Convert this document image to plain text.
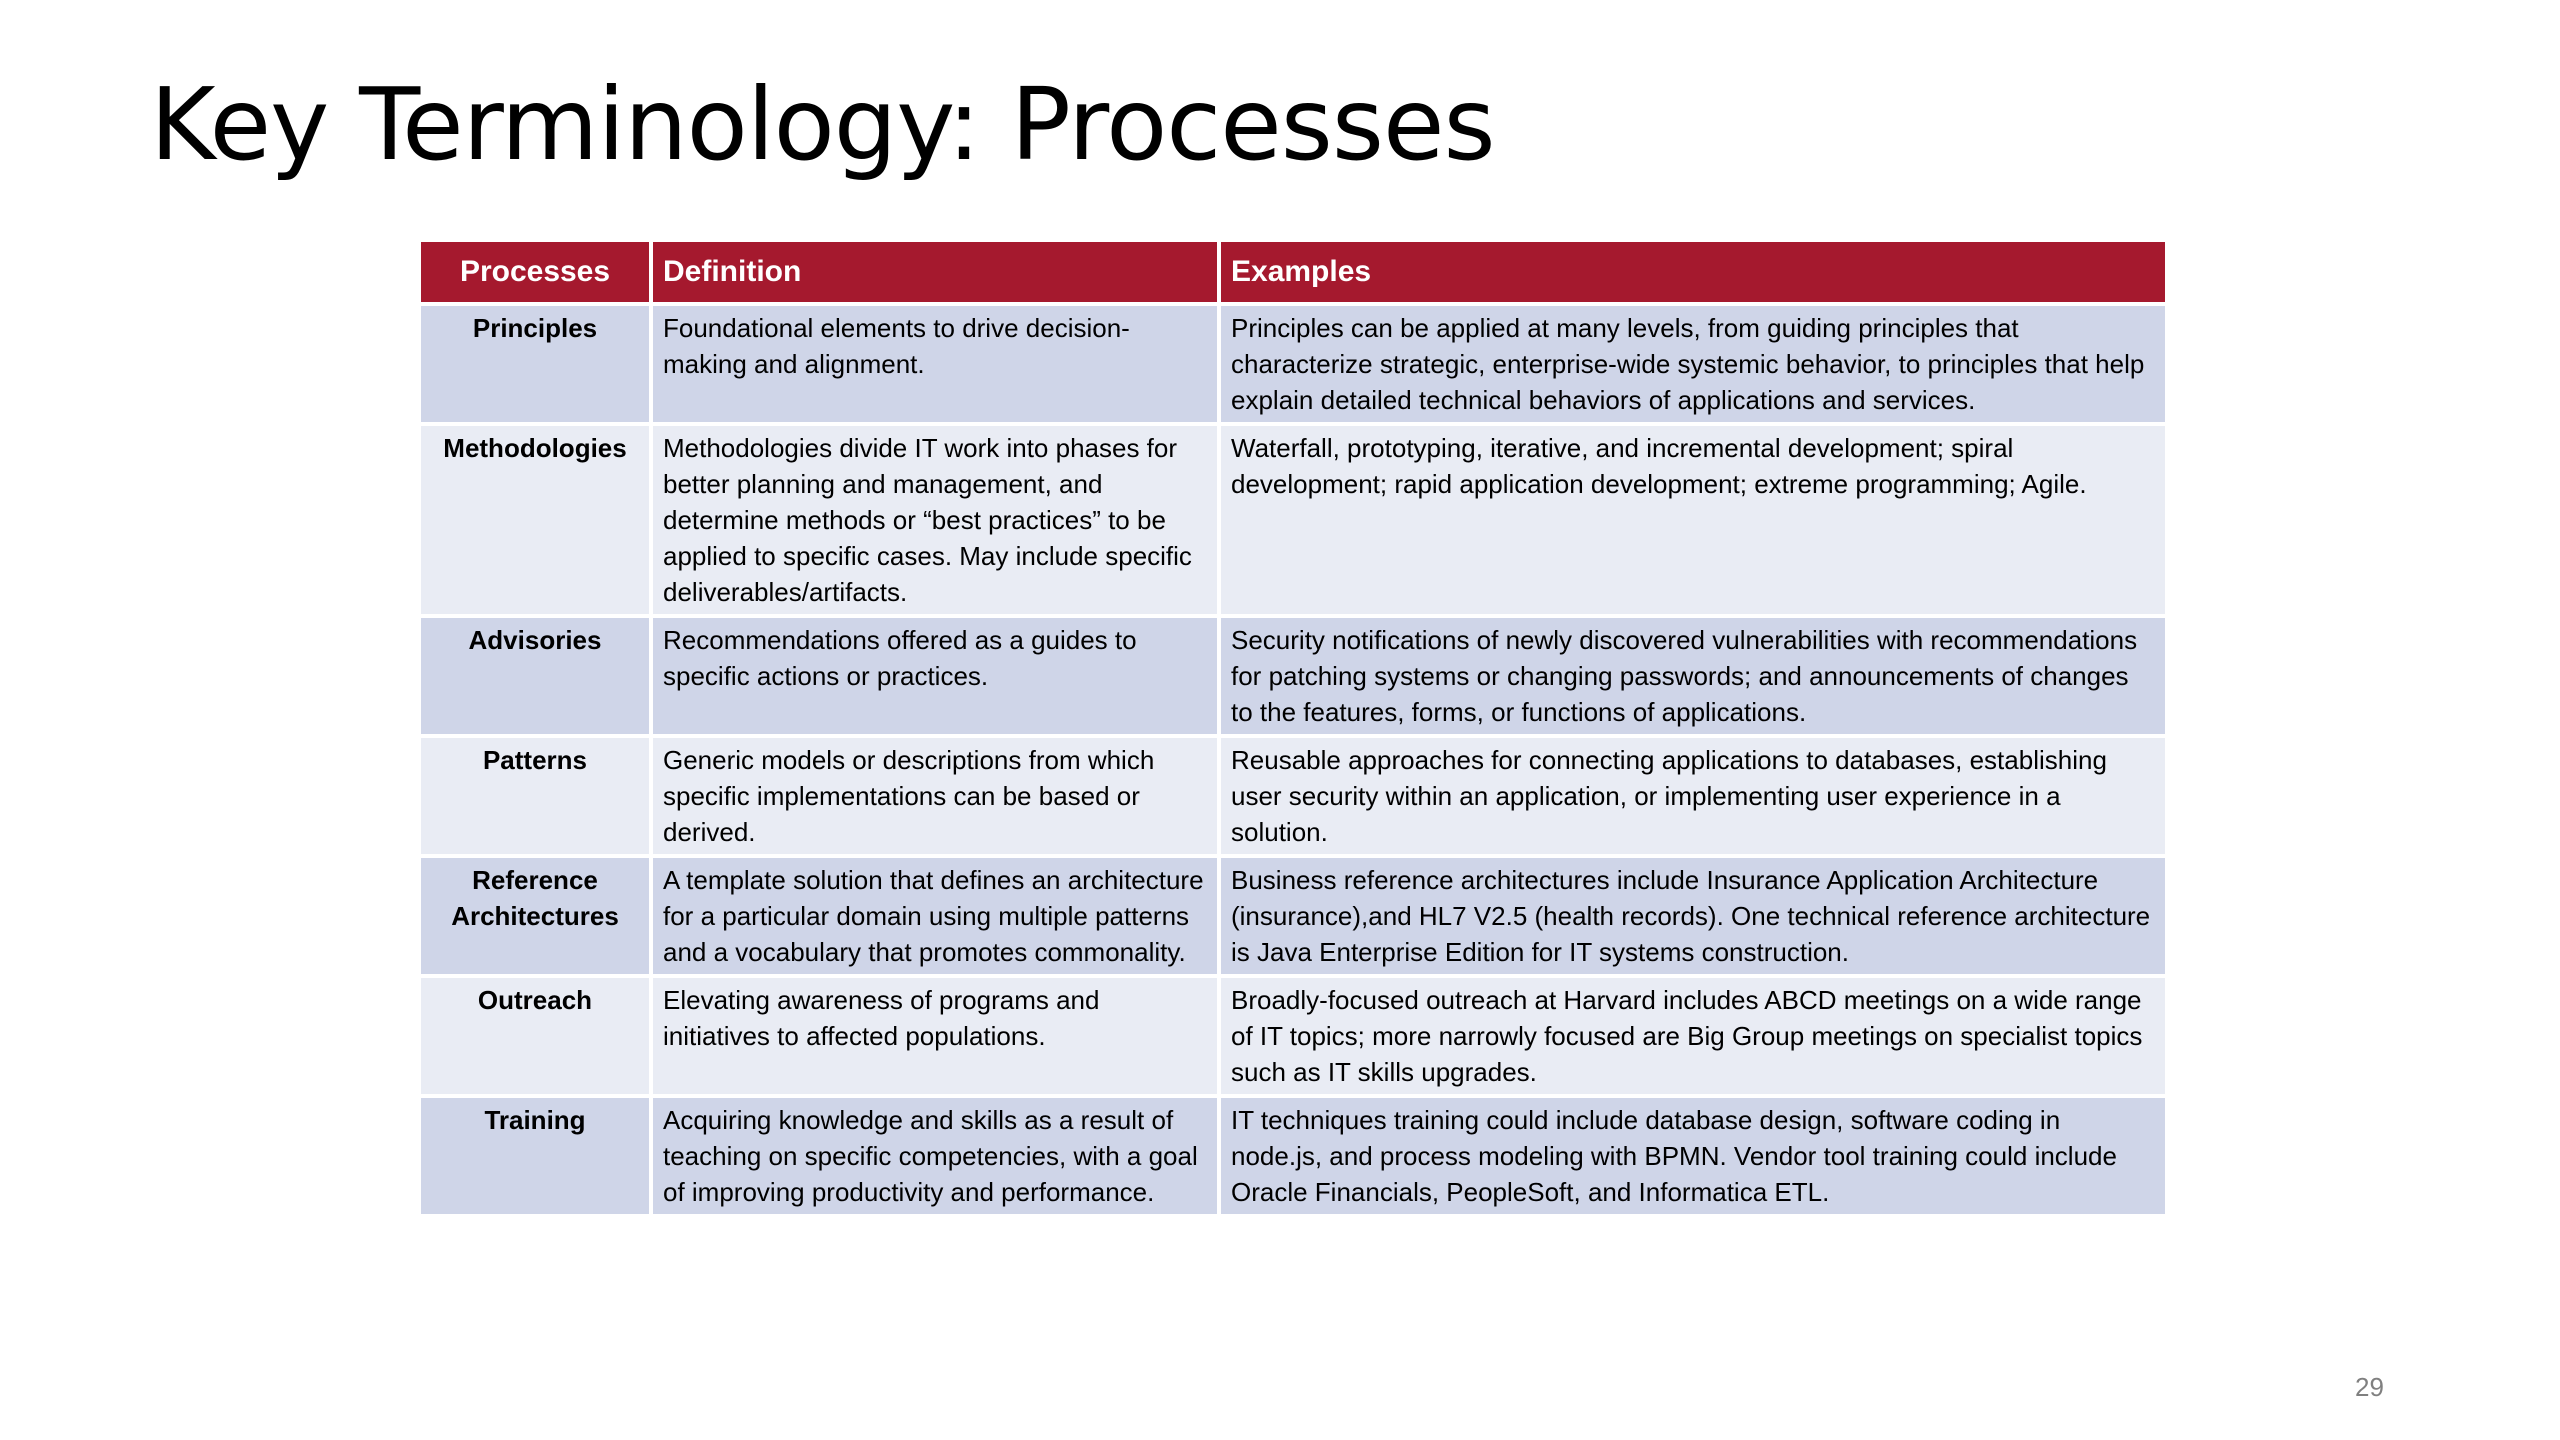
Key Terminology: Processes
Processes	Definition	Examples
Principles	Foundational elements to drive decision-making and alignment.	Principles can be applied at many levels, from guiding principles that characterize strategic, enterprise-wide systemic behavior, to principles that help explain detailed technical behaviors of applications and services.
Methodologies	Methodologies divide IT work into phases for better planning and management, and determine methods or “best practices” to be applied to specific cases. May include specific deliverables/artifacts.	Waterfall, prototyping, iterative, and incremental development; spiral development; rapid application development; extreme programming; Agile.
Advisories	Recommendations offered as a guides to specific actions or practices.	Security notifications of newly discovered vulnerabilities with recommendations for patching systems or changing passwords; and announcements of changes to the features, forms, or functions of applications.
Patterns	Generic models or descriptions from which specific implementations can be based or derived.	Reusable approaches for connecting applications to databases, establishing user security within an application, or implementing user experience in a solution.
Reference Architectures	A template solution that defines an architecture for a particular domain using multiple patterns and a vocabulary that promotes commonality.	Business reference architectures include Insurance Application Architecture (insurance),and HL7 V2.5 (health records). One technical reference architecture is Java Enterprise Edition for IT systems construction.
Outreach	Elevating awareness of programs and initiatives to affected populations.	Broadly-focused outreach at Harvard includes ABCD meetings on a wide range of IT topics; more narrowly focused are Big Group meetings on specialist topics such as IT skills upgrades.
Training	Acquiring knowledge and skills as a result of teaching on specific competencies, with a goal of improving productivity and performance.	IT techniques training could include database design, software coding in node.js, and process modeling with BPMN. Vendor tool training could include Oracle Financials, PeopleSoft, and Informatica ETL.
29
